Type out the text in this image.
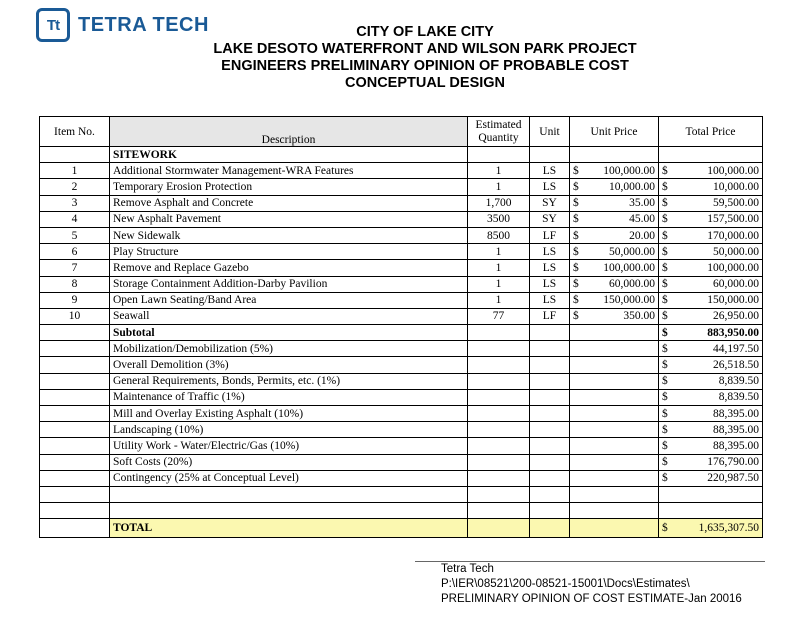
Tt TETRA TECH	CITY OF LAKE CITY
LAKE DESOTO WATERFRONT AND WILSON PARK PROJECT
ENGINEERS PRELIMINARY OPINION OF PROBABLE COST
CONCEPTUAL DESIGN
Item No.	Description	Estimated
Quantity	Unit	Unit Price	Total Price
	SITEWORK				
1	Additional Stormwater Management-WRA Features	1	LS	$ 100,000.00	$ 100,000.00

2	Temporary Erosion Protection	1	LS	$ 10,000.00	$ 10,000.00

3	Remove Asphalt and Concrete	1,700	SY	$ 35.00	$ 59,500.00

4	New Asphalt Pavement	3500	SY	$ 45.00	$ 157,500.00

5	New Sidewalk	8500	LF	$ 20.00	$ 170,000.00

6	Play Structure	1	LS	$ 50,000.00	$ 50,000.00

7	Remove and Replace Gazebo	1	LS	$ 100,000.00	$ 100,000.00

8	Storage Containment Addition-Darby Pavilion	1	LS	$ 60,000.00	$ 60,000.00

9	Open Lawn Seating/Band Area	1	LS	$ 150,000.00	$ 150,000.00

10	Seawall	77	LF	$ 350.00	$ 26,950.00

	Subtotal				$ 883,950.00

	Mobilization/Demobilization (5%)				$ 44,197.50

	Overall Demolition (3%)				$ 26,518.50

	General Requirements, Bonds, Permits, etc. (1%)				$ 8,839.50

	Maintenance of Traffic (1%)				$ 8,839.50

	Mill and Overlay Existing Asphalt (10%)				$ 88,395.00

	Landscaping (10%)				$ 88,395.00

	Utility Work - Water/Electric/Gas (10%)				$ 88,395.00

	Soft Costs (20%)				$ 176,790.00

	Contingency (25% at Conceptual Level)				$ 220,987.50

	TOTAL				$ 1,635,307.50
Tetra Tech
P:\IER\08521\200-08521-15001\Docs\Estimates\
PRELIMINARY OPINION OF COST ESTIMATE-Jan 20016
